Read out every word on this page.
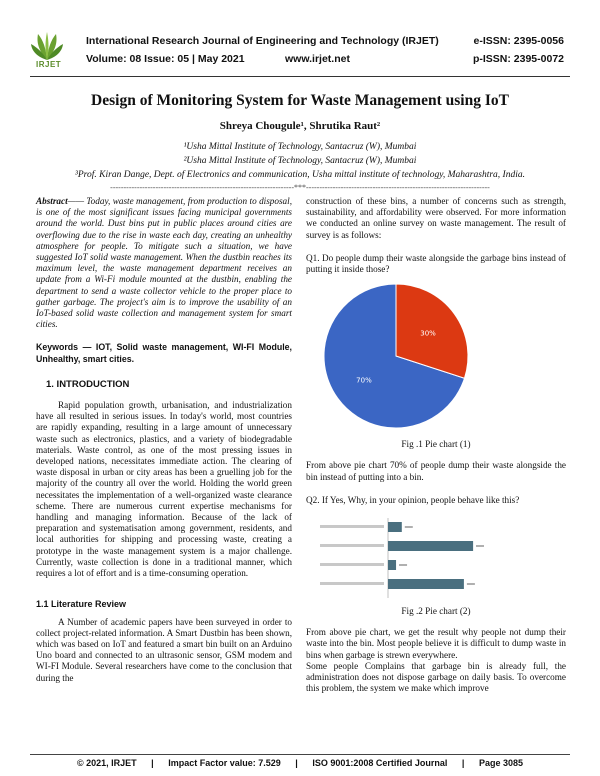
IRJET
International Research Journal of Engineering and Technology (IRJET)	e-ISSN: 2395-0056
Volume: 08 Issue: 05 | May 2021	www.irjet.net	p-ISSN: 2395-0072
Design of Monitoring System for Waste Management using IoT
Shreya Chougule¹, Shrutika Raut²
¹Usha Mittal Institute of Technology, Santacruz (W), Mumbai
²Usha Mittal Institute of Technology, Santacruz (W), Mumbai
³Prof. Kiran Dange, Dept. of Electronics and communication, Usha mittal institute of technology, Maharashtra, India.
---------------------------------------------------------------------***---------------------------------------------------------------------

Abstract—— Today, waste management, from production to disposal, is one of the most significant issues facing municipal governments around the world. Dust bins put in public places around cities are overflowing due to the rise in waste each day, creating an unhealthy atmosphere for people. To mitigate such a situation, we have suggested IoT solid waste management. When the dustbin reaches its maximum level, the waste management department receives an update from a Wi-Fi module mounted at the dustbin, enabling the department to send a waste collector vehicle to the proper place to gather garbage. The project's aim is to improve the usability of an IoT-based solid waste collection and management system for smart cities.

Keywords — IOT, Solid waste management, WI-FI Module, Unhealthy, smart cities.

1. INTRODUCTION

Rapid population growth, urbanisation, and industrialization have all resulted in serious issues. In today's world, most countries are rapidly expanding, resulting in a large amount of unnecessary waste such as electronics, plastics, and a variety of biodegradable materials. Waste control, as one of the most pressing issues in developed nations, necessitates immediate action. The clearing of waste disposal in urban or city areas has been a gruelling job for the majority of the country all over the world. Holding the world green necessitates the implementation of a well-organized waste clearance scheme. There are numerous current expertise mechanisms for handling and managing information. Because of the lack of preparation and systematisation among government, residents, and local authorities for shipping and processing waste, creating a prototype in the waste management system is a major challenge. Currently, waste collection is done in a traditional manner, which requires a lot of effort and is a time-consuming operation.

1.1 Literature Review

A Number of academic papers have been surveyed in order to collect project-related information. A Smart Dustbin has been shown, which was based on IoT and featured a smart bin built on an Arduino Uno board and connected to an ultrasonic sensor, GSM modem and WI-FI Module. Several researchers have come to the conclusion that during the

construction of these bins, a number of concerns such as strength, sustainability, and affordability were observed. For more information we conducted an online survey on waste management. The result of survey is as follows:

Q1. Do people dump their waste alongside the garbage bins instead of putting it inside those?

70%
30%
Fig .1 Pie chart (1)

From above pie chart 70% of people dump their waste alongside the bin instead of putting into a bin.

Q2. If Yes, Why, in your opinion, people behave like this?

Fig .2 Pie chart (2)

From above pie chart, we get the result why people not dump their waste into the bin. Most people believe it is difficult to dump waste in bins when garbage is strewn everywhere.

Some people Complains that garbage bin is already full, the administration does not dispose garbage on daily basis. To overcome this problem, the system we make which improve

© 2021, IRJET | Impact Factor value: 7.529 | ISO 9001:2008 Certified Journal | Page 3085
